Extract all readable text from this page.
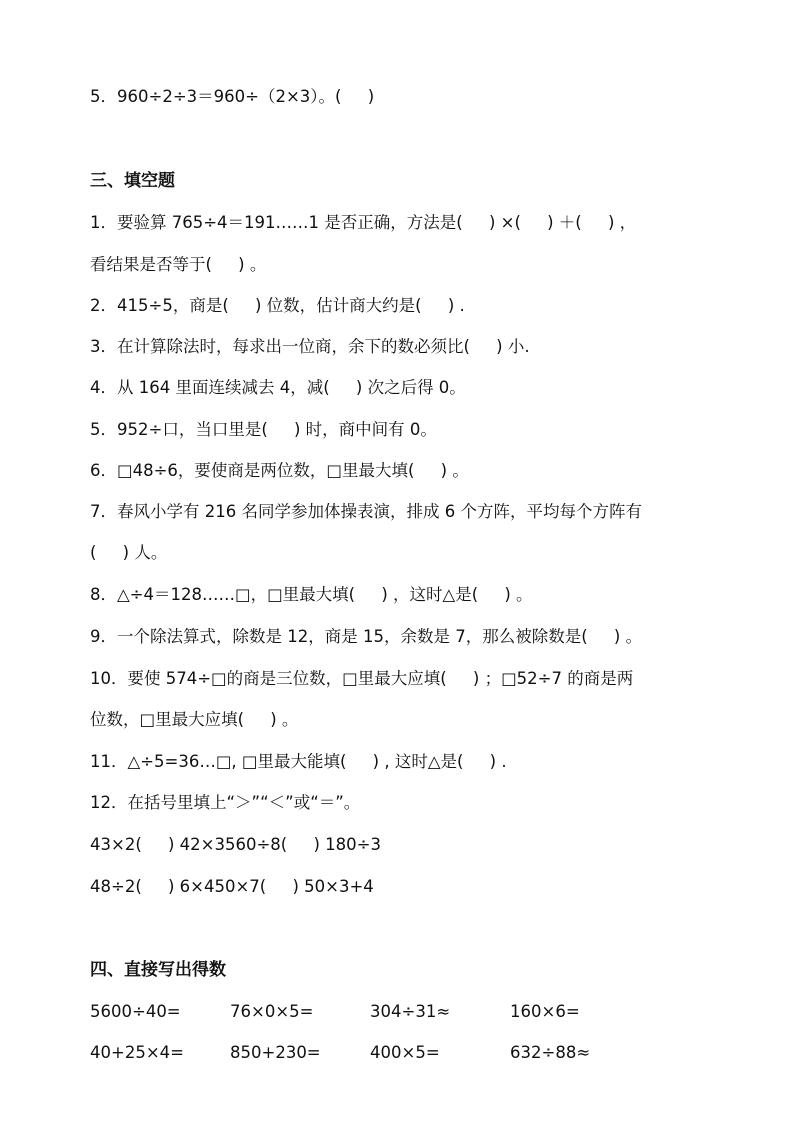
5．960÷2÷3＝960÷（2×3）。(     )
三、填空题
1．要验算 765÷4＝191……1 是否正确，方法是(     ) ×(     ) ＋(     ) ，
看结果是否等于(     ) 。
2．415÷5，商是(     ) 位数，估计商大约是(     ) .
3．在计算除法时，每求出一位商，余下的数必须比(     ) 小.
4．从 164 里面连续减去 4，减(     ) 次之后得 0。
5．952÷口，当口里是(     ) 时，商中间有 0。
6．□48÷6，要使商是两位数，□里最大填(     ) 。
7．春风小学有 216 名同学参加体操表演，排成 6 个方阵，平均每个方阵有
(     ) 人。
8．△÷4＝128……□，□里最大填(     ) ，这时△是(     ) 。
9．一个除法算式，除数是 12，商是 15，余数是 7，那么被除数是(     ) 。
10．要使 574÷□的商是三位数，□里最大应填(     ) ；□52÷7 的商是两
位数，□里最大应填(     ) 。
11．△÷5=36…□, □里最大能填(     ) , 这时△是(     ) .
12．在括号里填上“＞”“＜”或“＝”。
43×2(     ) 42×3560÷8(     ) 180÷3
48÷2(     ) 6×450×7(     ) 50×3+4
四、直接写出得数
5600÷40=	76×0×5=	304÷31≈	160×6=
40+25×4=	850+230=	400×5=	632÷88≈
